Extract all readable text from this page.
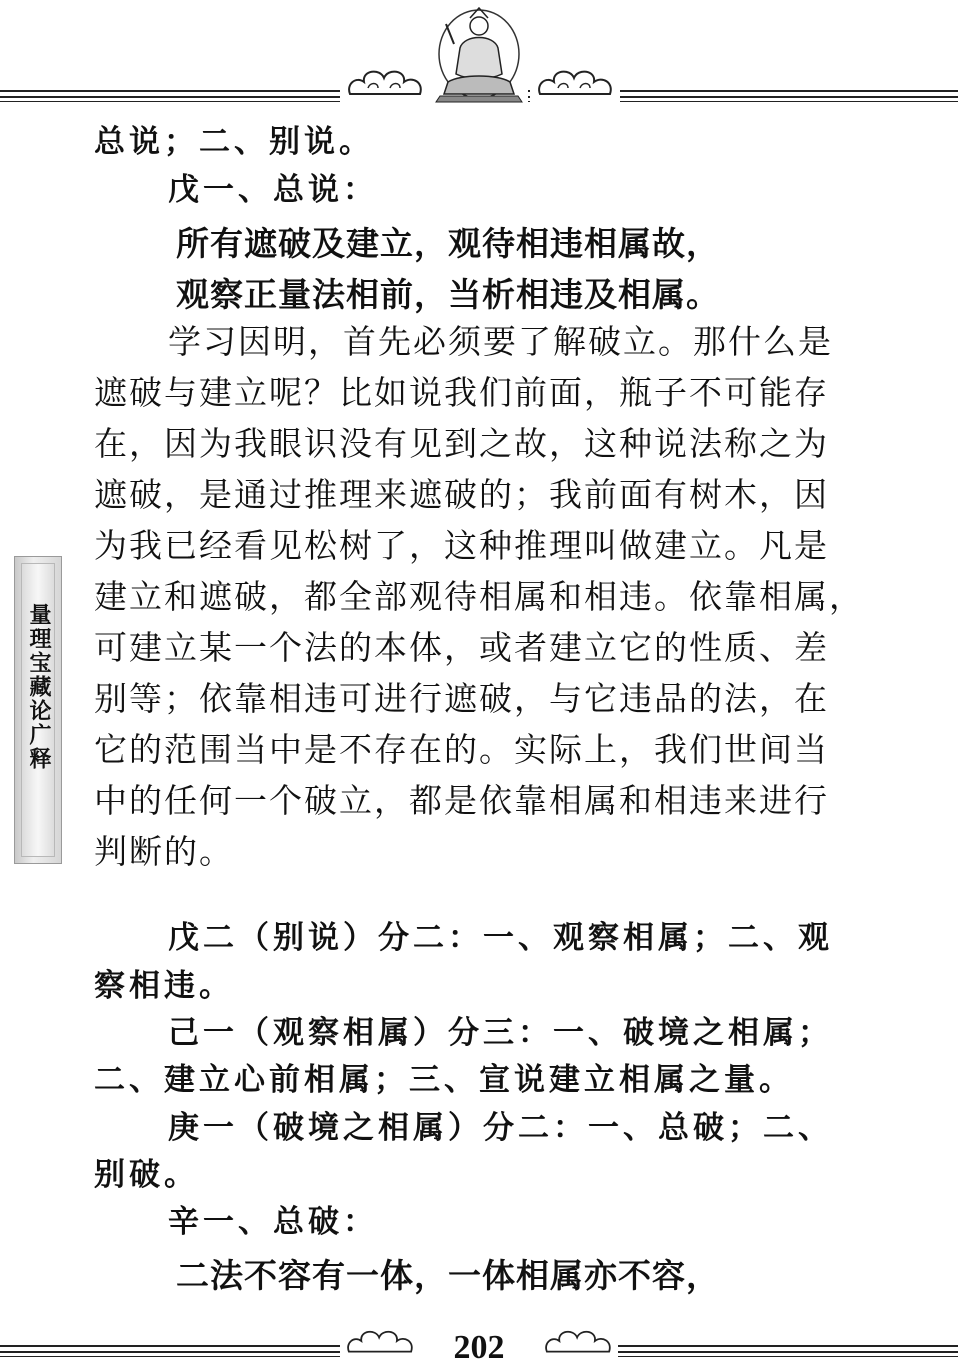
量理宝藏论广释
总说；二、别说。
戊一、总说：
所有遮破及建立，观待相违相属故，
观察正量法相前，当析相违及相属。
学习因明，首先必须要了解破立。那什么是
遮破与建立呢？比如说我们前面，瓶子不可能存
在，因为我眼识没有见到之故，这种说法称之为
遮破，是通过推理来遮破的；我前面有树木，因
为我已经看见松树了，这种推理叫做建立。凡是
建立和遮破，都全部观待相属和相违。依靠相属，
可建立某一个法的本体，或者建立它的性质、差
别等；依靠相违可进行遮破，与它违品的法，在
它的范围当中是不存在的。实际上，我们世间当
中的任何一个破立，都是依靠相属和相违来进行
判断的。
戊二（别说）分二：一、观察相属；二、观
察相违。
己一（观察相属）分三：一、破境之相属；
二、建立心前相属；三、宣说建立相属之量。
庚一（破境之相属）分二：一、总破；二、
别破。
辛一、总破：
二法不容有一体，一体相属亦不容，
202
